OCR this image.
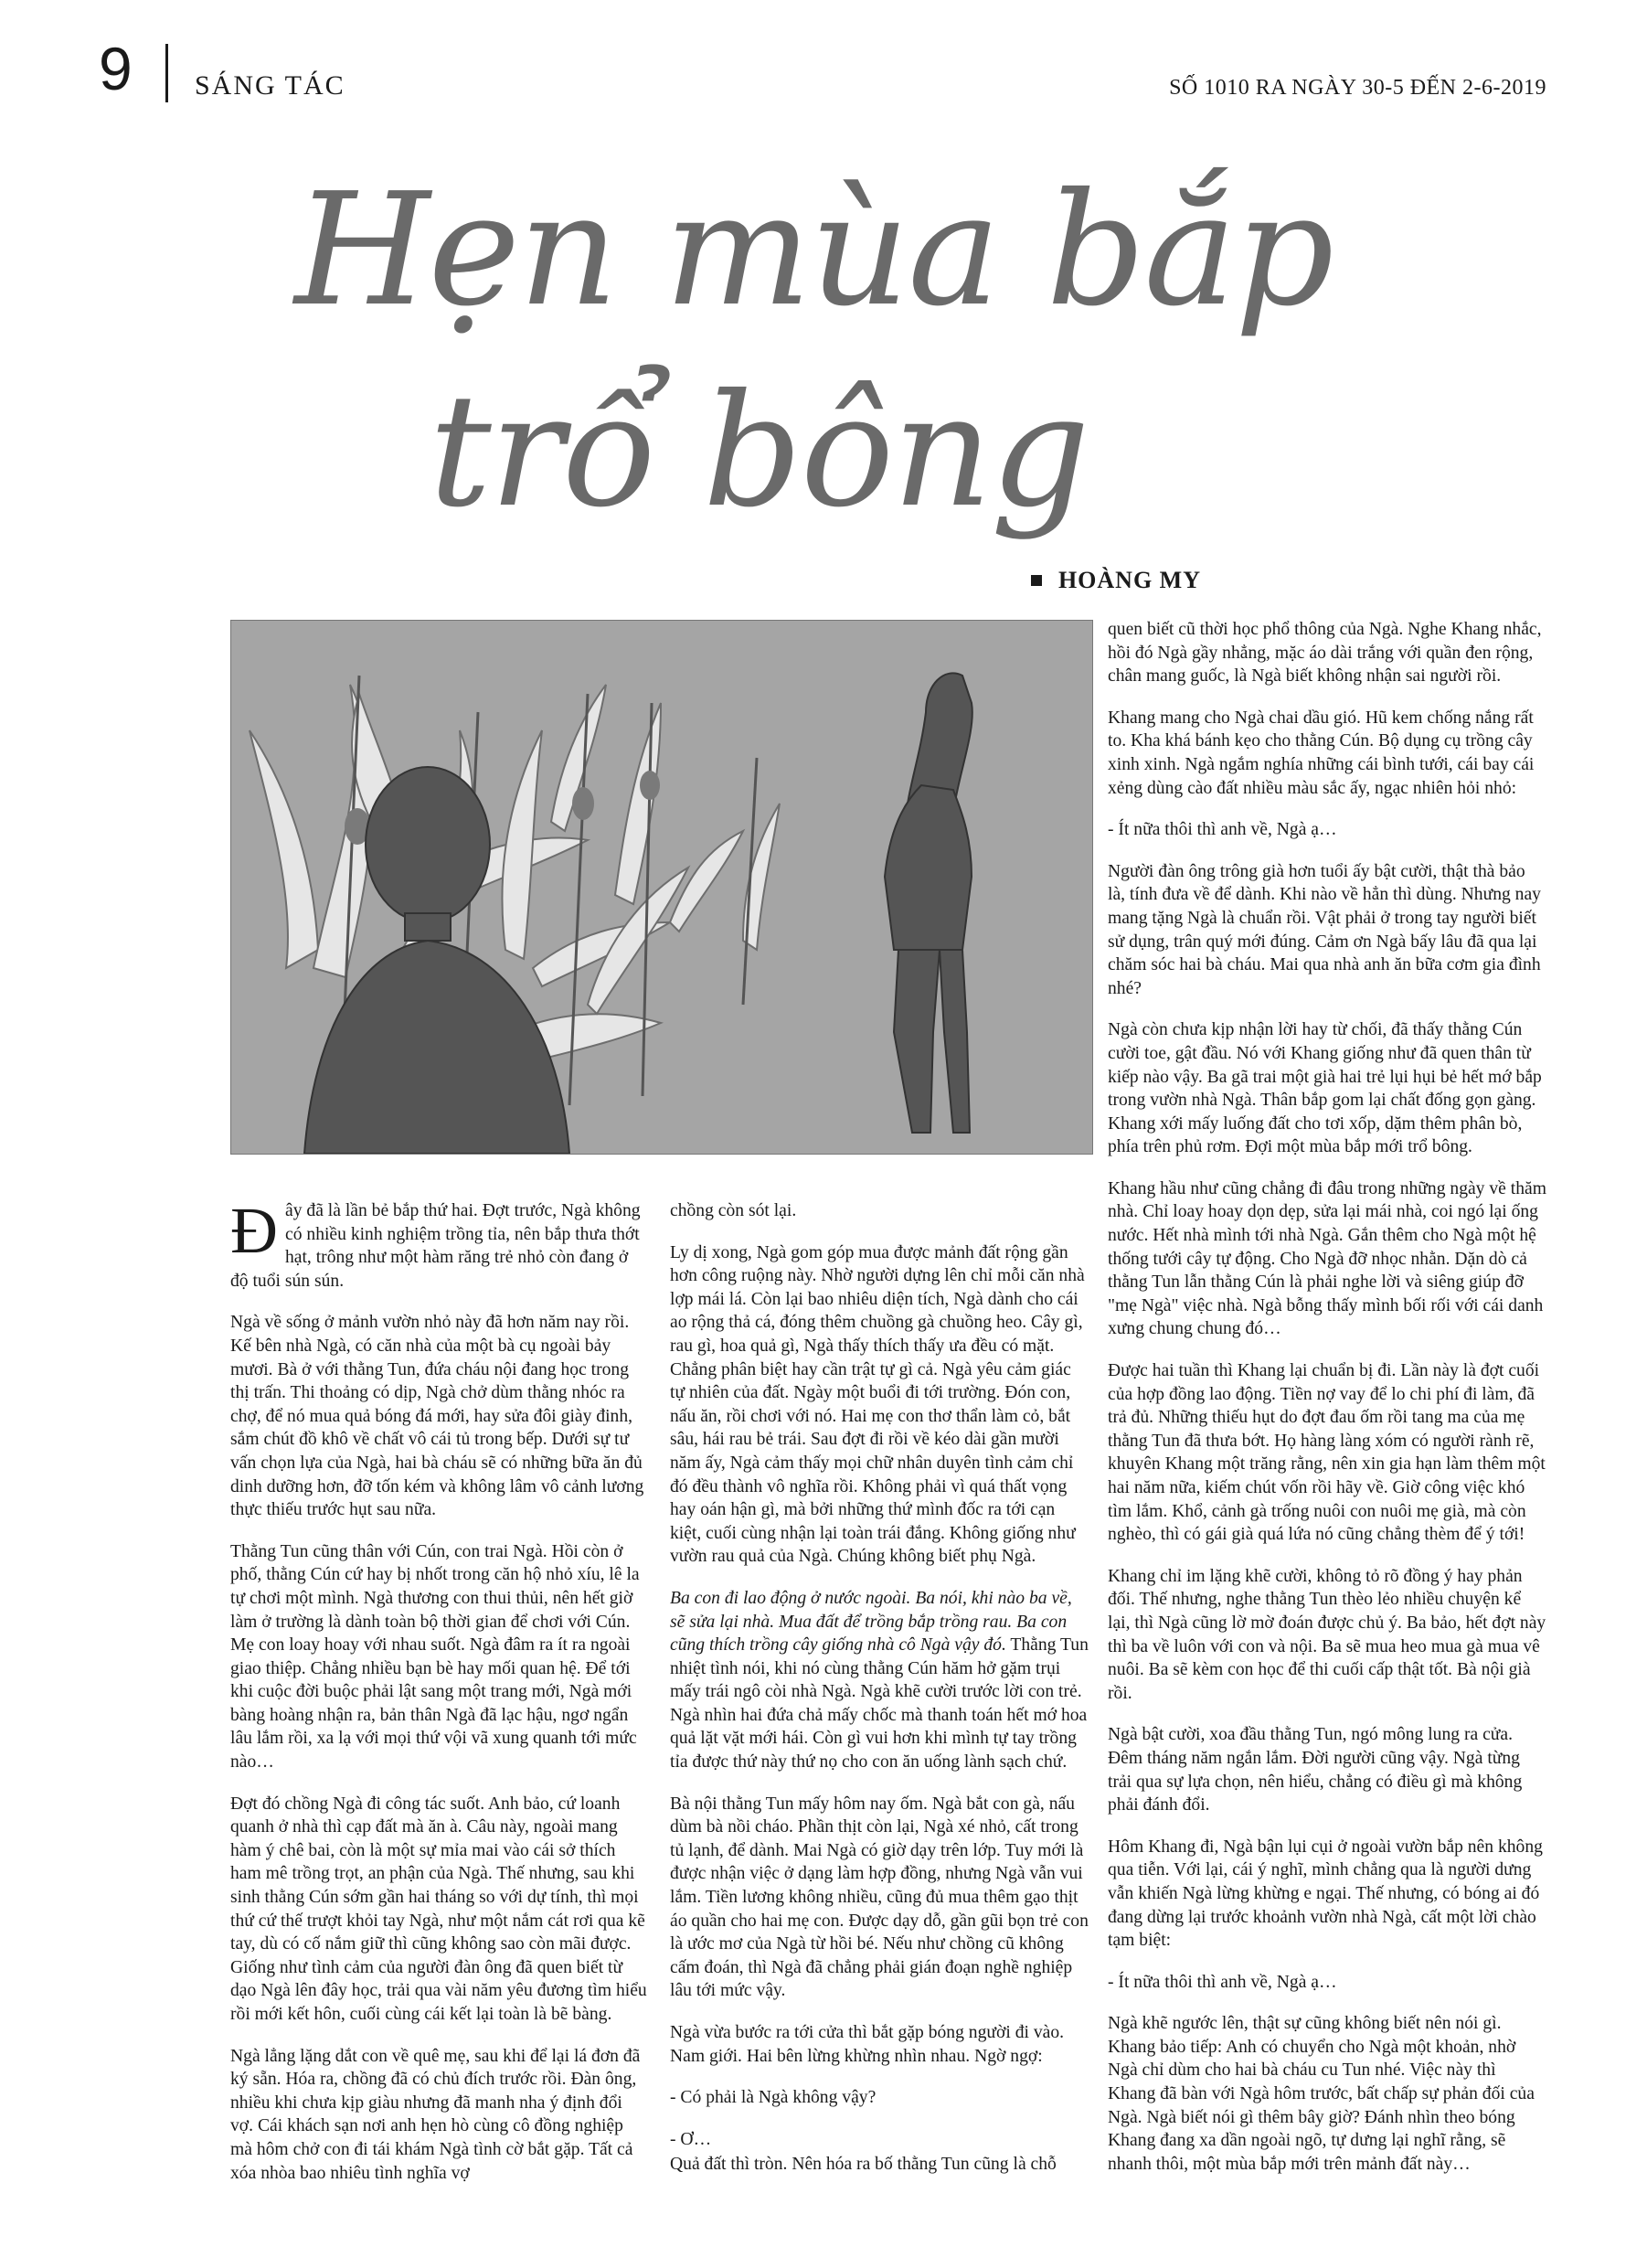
9 SÁNG TÁC	SỐ 1010 RA NGÀY 30-5 ĐẾN 2-6-2019
Hẹn mùa bắp
trổ bông
HOÀNG MY

Đây đã là lần bẻ bắp thứ hai. Đợt trước, Ngà không có nhiều kinh nghiệm trồng tỉa, nên bắp thưa thớt hạt, trông như một hàm răng trẻ nhỏ còn đang ở độ tuổi sún sún.

Ngà về sống ở mảnh vườn nhỏ này đã hơn năm nay rồi. Kế bên nhà Ngà, có căn nhà của một bà cụ ngoài bảy mươi. Bà ở với thằng Tun, đứa cháu nội đang học trong thị trấn. Thi thoảng có dịp, Ngà chở dùm thằng nhóc ra chợ, để nó mua quả bóng đá mới, hay sửa đôi giày đinh, sắm chút đồ khô về chất vô cái tủ trong bếp. Dưới sự tư vấn chọn lựa của Ngà, hai bà cháu sẽ có những bữa ăn đủ dinh dưỡng hơn, đỡ tốn kém và không lâm vô cảnh lương thực thiếu trước hụt sau nữa.

Thằng Tun cũng thân với Cún, con trai Ngà. Hồi còn ở phố, thằng Cún cứ hay bị nhốt trong căn hộ nhỏ xíu, lê la tự chơi một mình. Ngà thương con thui thủi, nên hết giờ làm ở trường là dành toàn bộ thời gian để chơi với Cún. Mẹ con loay hoay với nhau suốt. Ngà đâm ra ít ra ngoài giao thiệp. Chẳng nhiều bạn bè hay mối quan hệ. Để tới khi cuộc đời buộc phải lật sang một trang mới, Ngà mới bàng hoàng nhận ra, bản thân Ngà đã lạc hậu, ngơ ngẩn lâu lắm rồi, xa lạ với mọi thứ vội vã xung quanh tới mức nào…

Đợt đó chồng Ngà đi công tác suốt. Anh bảo, cứ loanh quanh ở nhà thì cạp đất mà ăn à. Câu này, ngoài mang hàm ý chê bai, còn là một sự mỉa mai vào cái sở thích ham mê trồng trọt, an phận của Ngà. Thế nhưng, sau khi sinh thằng Cún sớm gần hai tháng so với dự tính, thì mọi thứ cứ thế trượt khỏi tay Ngà, như một nắm cát rơi qua kẽ tay, dù có cố nắm giữ thì cũng không sao còn mãi được. Giống như tình cảm của người đàn ông đã quen biết từ dạo Ngà lên đây học, trải qua vài năm yêu đương tìm hiểu rồi mới kết hôn, cuối cùng cái kết lại toàn là bẽ bàng.

Ngà lẳng lặng dắt con về quê mẹ, sau khi để lại lá đơn đã ký sẵn. Hóa ra, chồng đã có chủ đích trước rồi. Đàn ông, nhiều khi chưa kịp giàu nhưng đã manh nha ý định đổi vợ. Cái khách sạn nơi anh hẹn hò cùng cô đồng nghiệp mà hôm chở con đi tái khám Ngà tình cờ bắt gặp. Tất cả xóa nhòa bao nhiêu tình nghĩa vợ

chồng còn sót lại.

Ly dị xong, Ngà gom góp mua được mảnh đất rộng gần hơn công ruộng này. Nhờ người dựng lên chỉ mỗi căn nhà lợp mái lá. Còn lại bao nhiêu diện tích, Ngà dành cho cái ao rộng thả cá, đóng thêm chuồng gà chuồng heo. Cây gì, rau gì, hoa quả gì, Ngà thấy thích thấy ưa đều có mặt. Chẳng phân biệt hay cần trật tự gì cả. Ngà yêu cảm giác tự nhiên của đất. Ngày một buổi đi tới trường. Đón con, nấu ăn, rồi chơi với nó. Hai mẹ con thơ thẩn làm cỏ, bắt sâu, hái rau bẻ trái. Sau đợt đi rồi về kéo dài gần mười năm ấy, Ngà cảm thấy mọi chữ nhân duyên tình cảm chỉ đó đều thành vô nghĩa rồi. Không phải vì quá thất vọng hay oán hận gì, mà bởi những thứ mình đốc ra tới cạn kiệt, cuối cùng nhận lại toàn trái đắng. Không giống như vườn rau quả của Ngà. Chúng không biết phụ Ngà.

Ba con đi lao động ở nước ngoài. Ba nói, khi nào ba về, sẽ sửa lại nhà. Mua đất để trồng bắp trồng rau. Ba con cũng thích trồng cây giống nhà cô Ngà vậy đó. Thằng Tun nhiệt tình nói, khi nó cùng thằng Cún hăm hở gặm trụi mấy trái ngô còi nhà Ngà. Ngà khẽ cười trước lời con trẻ. Ngà nhìn hai đứa chả mấy chốc mà thanh toán hết mớ hoa quả lặt vặt mới hái. Còn gì vui hơn khi mình tự tay trồng tỉa được thứ này thứ nọ cho con ăn uống lành sạch chứ.

Bà nội thằng Tun mấy hôm nay ốm. Ngà bắt con gà, nấu dùm bà nồi cháo. Phần thịt còn lại, Ngà xé nhỏ, cất trong tủ lạnh, để dành. Mai Ngà có giờ dạy trên lớp. Tuy mới là được nhận việc ở dạng làm hợp đồng, nhưng Ngà vẫn vui lắm. Tiền lương không nhiều, cũng đủ mua thêm gạo thịt áo quần cho hai mẹ con. Được dạy dỗ, gần gũi bọn trẻ con là ước mơ của Ngà từ hồi bé. Nếu như chồng cũ không cấm đoán, thì Ngà đã chẳng phải gián đoạn nghề nghiệp lâu tới mức vậy.

Ngà vừa bước ra tới cửa thì bắt gặp bóng người đi vào. Nam giới. Hai bên lừng khừng nhìn nhau. Ngờ ngợ:

- Có phải là Ngà không vậy?

- Ơ…

Quả đất thì tròn. Nên hóa ra bố thằng Tun cũng là chỗ

quen biết cũ thời học phổ thông của Ngà. Nghe Khang nhắc, hồi đó Ngà gầy nhẳng, mặc áo dài trắng với quần đen rộng, chân mang guốc, là Ngà biết không nhận sai người rồi.

Khang mang cho Ngà chai dầu gió. Hũ kem chống nắng rất to. Kha khá bánh kẹo cho thằng Cún. Bộ dụng cụ trồng cây xinh xinh. Ngà ngắm nghía những cái bình tưới, cái bay cái xẻng dùng cào đất nhiều màu sắc ấy, ngạc nhiên hỏi nhỏ:

- Ít nữa thôi thì anh về, Ngà ạ…

Người đàn ông trông già hơn tuổi ấy bật cười, thật thà bảo là, tính đưa về để dành. Khi nào về hẳn thì dùng. Nhưng nay mang tặng Ngà là chuẩn rồi. Vật phải ở trong tay người biết sử dụng, trân quý mới đúng. Cảm ơn Ngà bấy lâu đã qua lại chăm sóc hai bà cháu. Mai qua nhà anh ăn bữa cơm gia đình nhé?

Ngà còn chưa kịp nhận lời hay từ chối, đã thấy thằng Cún cười toe, gật đầu. Nó với Khang giống như đã quen thân từ kiếp nào vậy. Ba gã trai một già hai trẻ lụi hụi bẻ hết mớ bắp trong vườn nhà Ngà. Thân bắp gom lại chất đống gọn gàng. Khang xới mấy luống đất cho tơi xốp, dặm thêm phân bò, phía trên phủ rơm. Đợi một mùa bắp mới trổ bông.

Khang hầu như cũng chẳng đi đâu trong những ngày về thăm nhà. Chỉ loay hoay dọn dẹp, sửa lại mái nhà, coi ngó lại ống nước. Hết nhà mình tới nhà Ngà. Gắn thêm cho Ngà một hệ thống tưới cây tự động. Cho Ngà đỡ nhọc nhằn. Dặn dò cả thằng Tun lẫn thằng Cún là phải nghe lời và siêng giúp đỡ "mẹ Ngà" việc nhà. Ngà bỗng thấy mình bối rối với cái danh xưng chung chung đó…

Được hai tuần thì Khang lại chuẩn bị đi. Lần này là đợt cuối của hợp đồng lao động. Tiền nợ vay để lo chi phí đi làm, đã trả đủ. Những thiếu hụt do đợt đau ốm rồi tang ma của mẹ thằng Tun đã thưa bớt. Họ hàng làng xóm có người rành rẽ, khuyên Khang một trăng rằng, nên xin gia hạn làm thêm một hai năm nữa, kiếm chút vốn rồi hãy về. Giờ công việc khó tìm lắm. Khổ, cảnh gà trống nuôi con nuôi mẹ già, mà còn nghèo, thì có gái già quá lứa nó cũng chẳng thèm để ý tới!

Khang chỉ im lặng khẽ cười, không tỏ rõ đồng ý hay phản đối. Thế nhưng, nghe thằng Tun thèo lẻo nhiều chuyện kể lại, thì Ngà cũng lờ mờ đoán được chủ ý. Ba bảo, hết đợt này thì ba về luôn với con và nội. Ba sẽ mua heo mua gà mua vê nuôi. Ba sẽ kèm con học để thi cuối cấp thật tốt. Bà nội già rồi.

Ngà bật cười, xoa đầu thằng Tun, ngó mông lung ra cửa. Đêm tháng năm ngắn lắm. Đời người cũng vậy. Ngà từng trải qua sự lựa chọn, nên hiểu, chẳng có điều gì mà không phải đánh đổi.

Hôm Khang đi, Ngà bận lụi cụi ở ngoài vườn bắp nên không qua tiễn. Với lại, cái ý nghĩ, mình chẳng qua là người dưng vẫn khiến Ngà lừng khừng e ngại. Thế nhưng, có bóng ai đó đang dừng lại trước khoảnh vườn nhà Ngà, cất một lời chào tạm biệt:

- Ít nữa thôi thì anh về, Ngà ạ…

Ngà khẽ ngước lên, thật sự cũng không biết nên nói gì. Khang bảo tiếp: Anh có chuyển cho Ngà một khoản, nhờ Ngà chỉ dùm cho hai bà cháu cu Tun nhé. Việc này thì Khang đã bàn với Ngà hôm trước, bất chấp sự phản đối của Ngà. Ngà biết nói gì thêm bây giờ? Đánh nhìn theo bóng Khang đang xa dần ngoài ngõ, tự dưng lại nghĩ rằng, sẽ nhanh thôi, một mùa bắp mới trên mảnh đất này…
